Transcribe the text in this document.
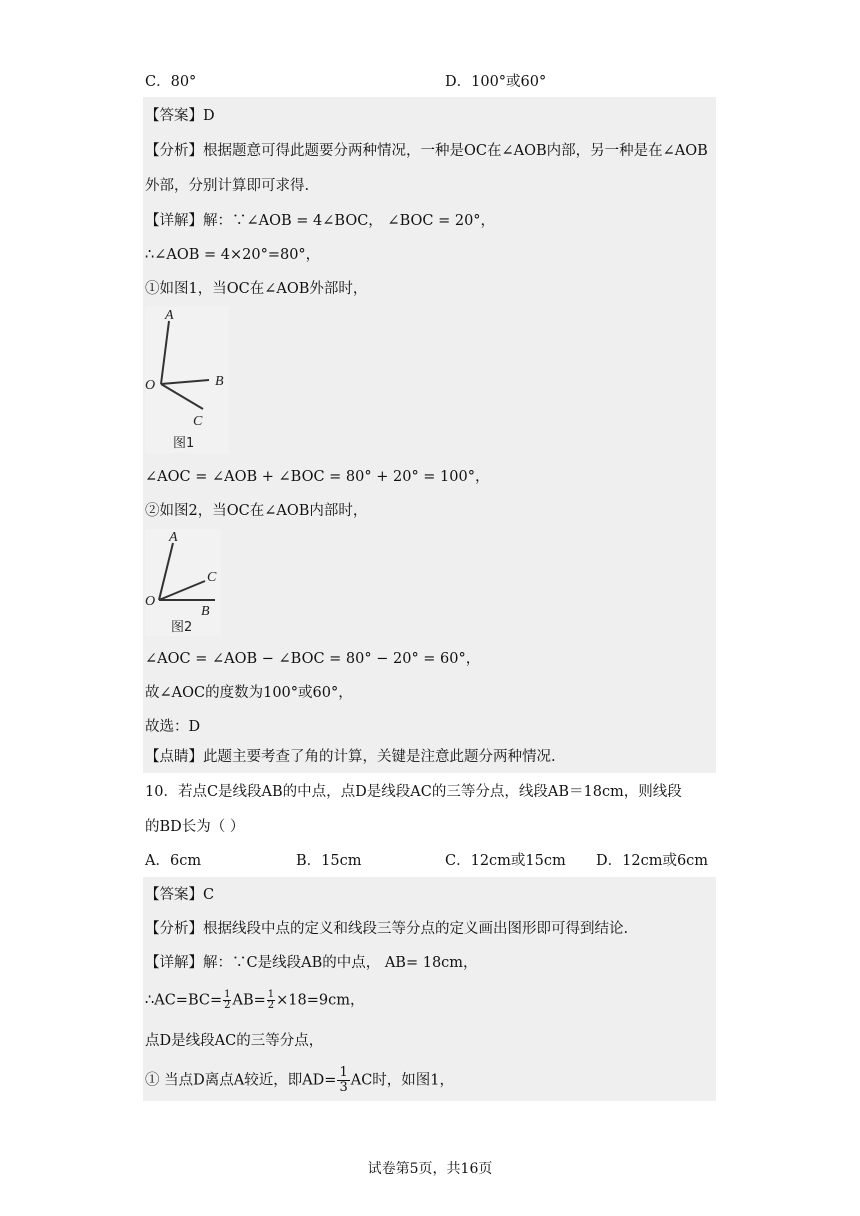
C．80°	D．100°或60°
【答案】D
【分析】根据题意可得此题要分两种情况，一种是OC在∠AOB内部，另一种是在∠AOB
外部，分别计算即可求得.
【详解】解：∵∠AOB = 4∠BOC， ∠BOC = 20°，
∴∠AOB = 4×20°=80°，
①如图1，当OC在∠AOB外部时，
A
O	B
C
图1
∠AOC = ∠AOB + ∠BOC = 80° + 20° = 100°，
②如图2，当OC在∠AOB内部时，
A
O
C
B
图2
∠AOC = ∠AOB − ∠BOC = 80° − 20° = 60°，
故∠AOC的度数为100°或60°，
故选：D
【点睛】此题主要考查了角的计算，关键是注意此题分两种情况.
10．若点C是线段AB的中点，点D是线段AC的三等分点，线段AB＝18cm，则线段
的BD长为（ ）
A．6cm	B．15cm	C．12cm或15cm D．12cm或6cm
【答案】C
【分析】根据线段中点的定义和线段三等分点的定义画出图形即可得到结论.
【详解】解：∵C是线段AB的中点， AB= 18cm，
∴AC=BC= $\frac{1}{2} AB= \frac{1}{2} \times 18=9cm$，
点D是线段AC的三等分点，
① 当点D离点A较近，即$AD= \frac{1}{3}$ AC时，如图1，
试卷第5页，共16页
